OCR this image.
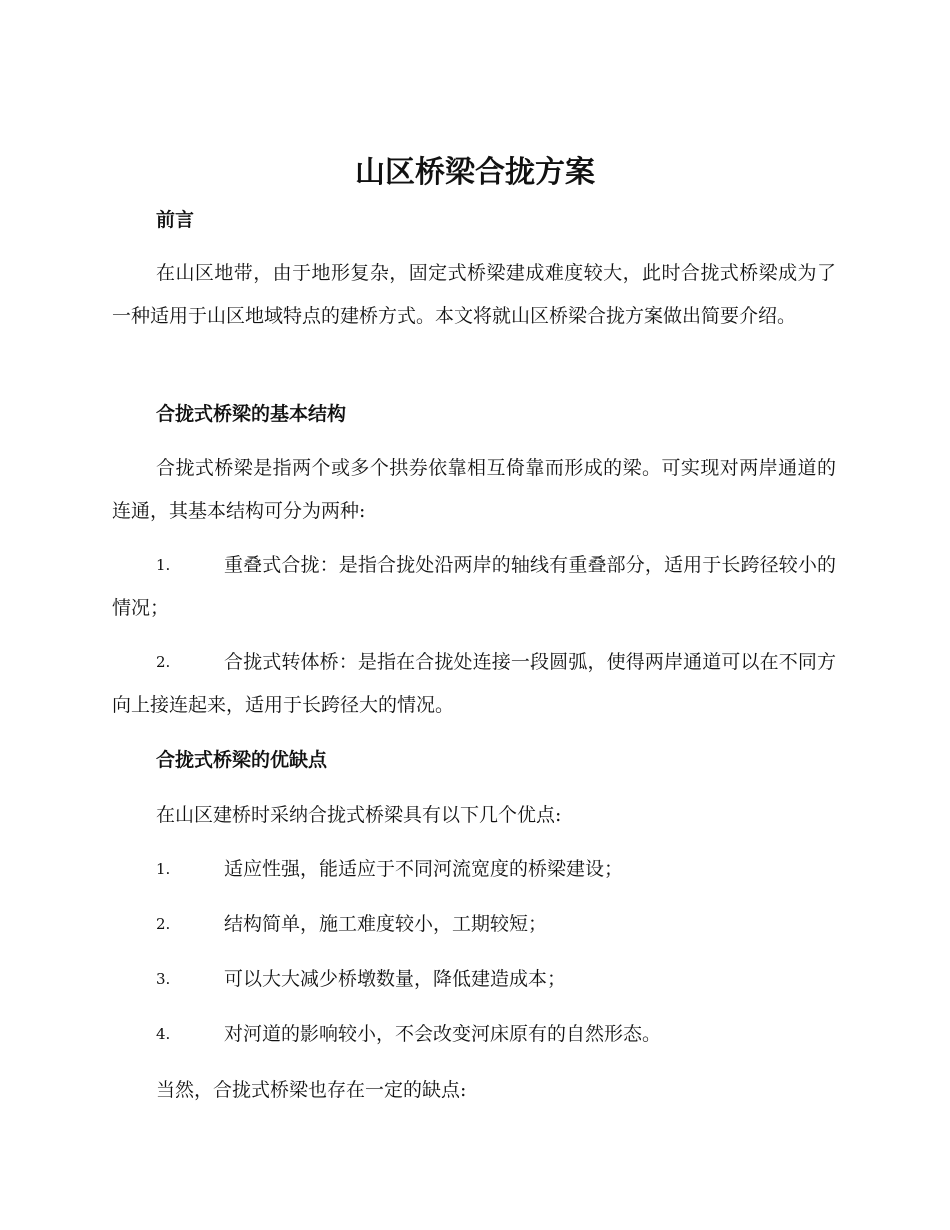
山区桥梁合拢方案
前言
在山区地带，由于地形复杂，固定式桥梁建成难度较大，此时合拢式桥梁成为了一种适用于山区地域特点的建桥方式。本文将就山区桥梁合拢方案做出简要介绍。
合拢式桥梁的基本结构
合拢式桥梁是指两个或多个拱券依靠相互倚靠而形成的梁。可实现对两岸通道的连通，其基本结构可分为两种:
1.	重叠式合拢：是指合拢处沿两岸的轴线有重叠部分，适用于长跨径较小的情况；
2.	合拢式转体桥：是指在合拢处连接一段圆弧，使得两岸通道可以在不同方向上接连起来，适用于长跨径大的情况。
合拢式桥梁的优缺点
在山区建桥时采纳合拢式桥梁具有以下几个优点:
1.	适应性强，能适应于不同河流宽度的桥梁建设；
2.	结构简单，施工难度较小，工期较短；
3.	可以大大减少桥墩数量，降低建造成本；
4.	对河道的影响较小，不会改变河床原有的自然形态。
当然，合拢式桥梁也存在一定的缺点:
